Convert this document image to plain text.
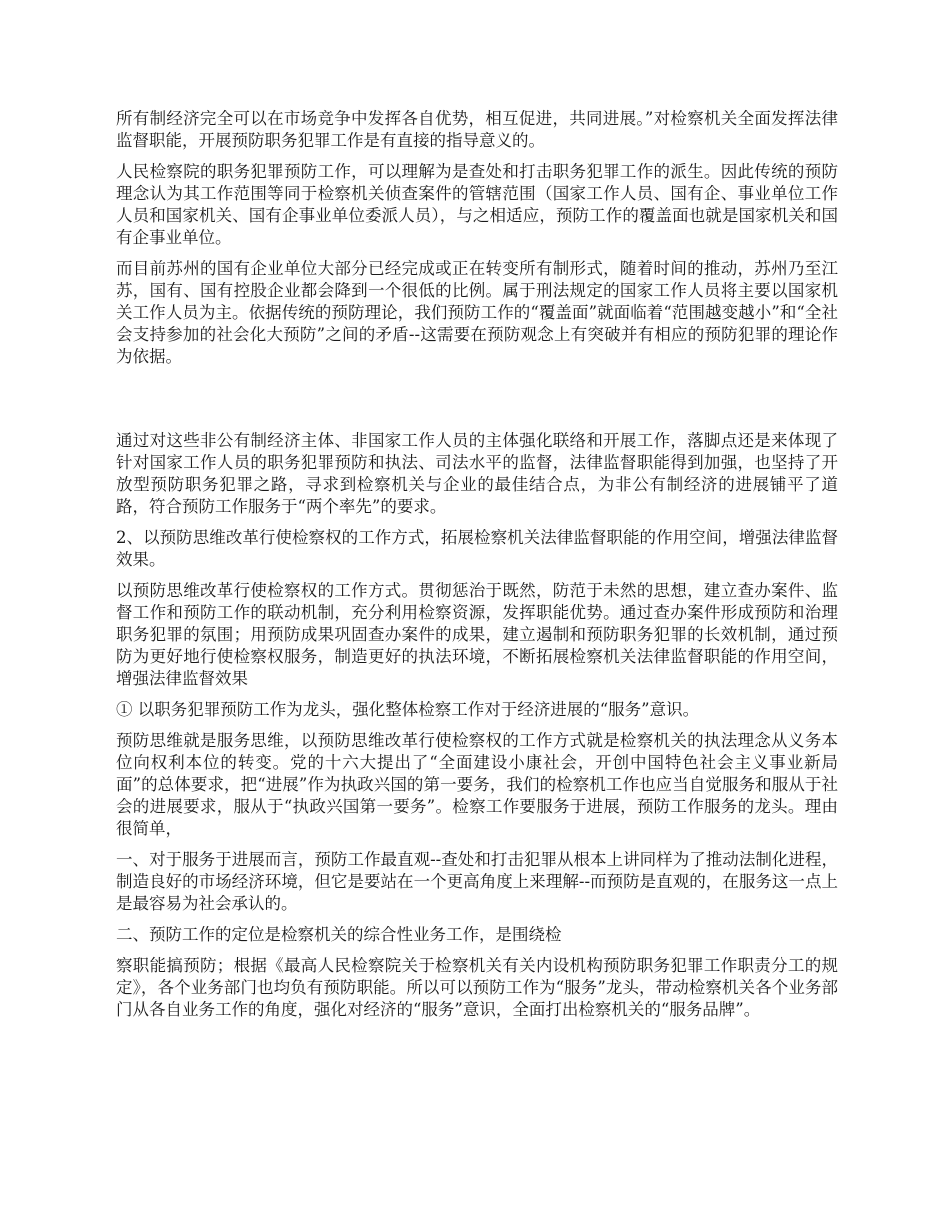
所有制经济完全可以在市场竞争中发挥各自优势，相互促进，共同进展。”对检察机关全面发挥法律监督职能，开展预防职务犯罪工作是有直接的指导意义的。

人民检察院的职务犯罪预防工作，可以理解为是查处和打击职务犯罪工作的派生。因此传统的预防理念认为其工作范围等同于检察机关侦查案件的管辖范围（国家工作人员、国有企、事业单位工作人员和国家机关、国有企事业单位委派人员），与之相适应，预防工作的覆盖面也就是国家机关和国有企事业单位。

而目前苏州的国有企业单位大部分已经完成或正在转变所有制形式，随着时间的推动，苏州乃至江苏，国有、国有控股企业都会降到一个很低的比例。属于刑法规定的国家工作人员将主要以国家机关工作人员为主。依据传统的预防理论，我们预防工作的“覆盖面”就面临着“范围越变越小”和“全社会支持参加的社会化大预防”之间的矛盾--这需要在预防观念上有突破并有相应的预防犯罪的理论作为依据。

通过对这些非公有制经济主体、非国家工作人员的主体强化联络和开展工作，落脚点还是来体现了针对国家工作人员的职务犯罪预防和执法、司法水平的监督，法律监督职能得到加强，也坚持了开放型预防职务犯罪之路，寻求到检察机关与企业的最佳结合点，为非公有制经济的进展铺平了道路，符合预防工作服务于“两个率先”的要求。

2、以预防思维改革行使检察权的工作方式，拓展检察机关法律监督职能的作用空间，增强法律监督效果。

以预防思维改革行使检察权的工作方式。贯彻惩治于既然，防范于未然的思想，建立查办案件、监督工作和预防工作的联动机制，充分利用检察资源，发挥职能优势。通过查办案件形成预防和治理职务犯罪的氛围；用预防成果巩固查办案件的成果，建立遏制和预防职务犯罪的长效机制，通过预防为更好地行使检察权服务，制造更好的执法环境，不断拓展检察机关法律监督职能的作用空间，增强法律监督效果

① 以职务犯罪预防工作为龙头，强化整体检察工作对于经济进展的“服务”意识。

预防思维就是服务思维，以预防思维改革行使检察权的工作方式就是检察机关的执法理念从义务本位向权利本位的转变。党的十六大提出了“全面建设小康社会，开创中国特色社会主义事业新局面”的总体要求，把“进展”作为执政兴国的第一要务，我们的检察机工作也应当自觉服务和服从于社会的进展要求，服从于“执政兴国第一要务”。检察工作要服务于进展，预防工作服务的龙头。理由很简单，

一、对于服务于进展而言，预防工作最直观--查处和打击犯罪从根本上讲同样为了推动法制化进程，制造良好的市场经济环境，但它是要站在一个更高角度上来理解--而预防是直观的，在服务这一点上是最容易为社会承认的。

二、预防工作的定位是检察机关的综合性业务工作，是围绕检

察职能搞预防；根据《最高人民检察院关于检察机关有关内设机构预防职务犯罪工作职责分工的规定》，各个业务部门也均负有预防职能。所以可以预防工作为“服务”龙头，带动检察机关各个业务部门从各自业务工作的角度，强化对经济的“服务”意识，全面打出检察机关的“服务品牌”。
